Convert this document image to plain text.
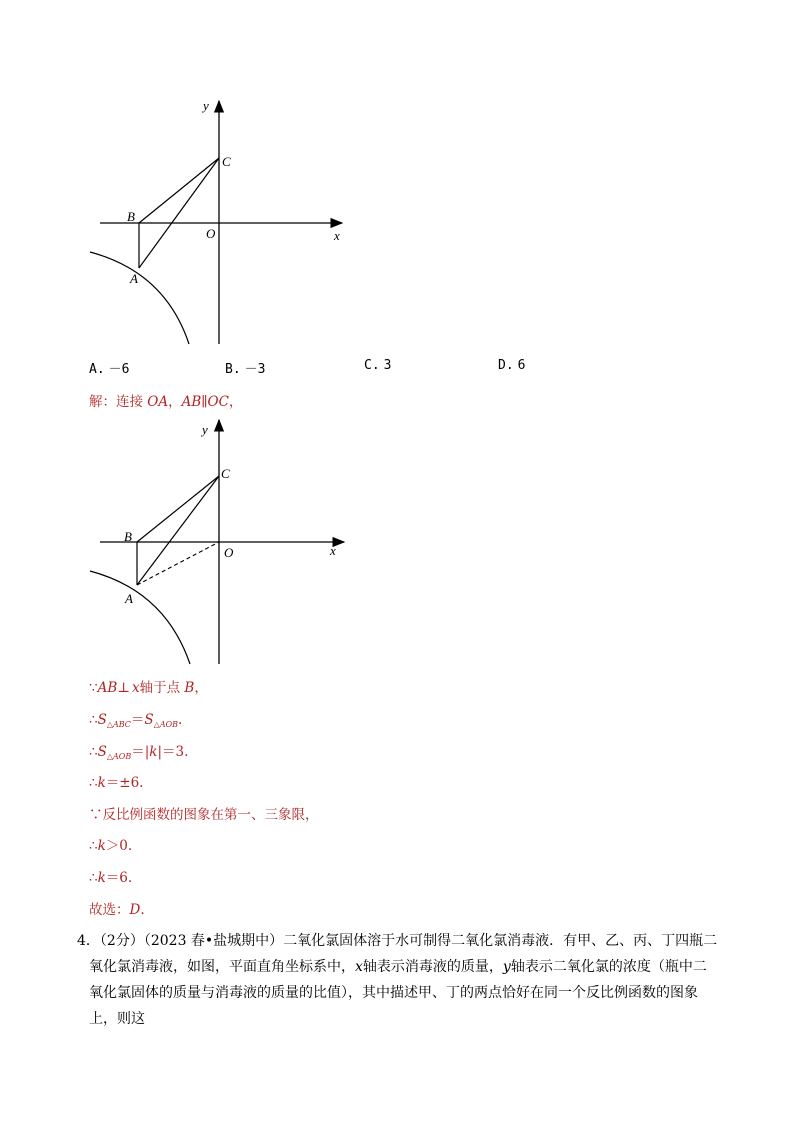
y
x
C
B
O
A
A. －6	B. －3	C. 3	D. 6
解：连接 OA，AB∥OC，
y
x
C
B
O
A
∵AB⊥ x轴于点 B，
$\therefore S_{\triangle ABC}=S_{\triangle AOB}$.
$\therefore S_{\triangle AOB}=|k|=3$.
∴k＝±6.
∵反比例函数的图象在第一、三象限，
∴k＞0.
∴k＝6.
故选：D.
4．（2分）（2023 春•盐城期中）二氧化氯固体溶于水可制得二氧化氯消毒液．有甲、乙、丙、丁四瓶二氧化氯消毒液，如图，平面直角坐标系中，x轴表示消毒液的质量，y轴表示二氧化氯的浓度（瓶中二氧化氯固体的质量与消毒液的质量的比值），其中描述甲、丁的两点恰好在同一个反比例函数的图象上，则这
